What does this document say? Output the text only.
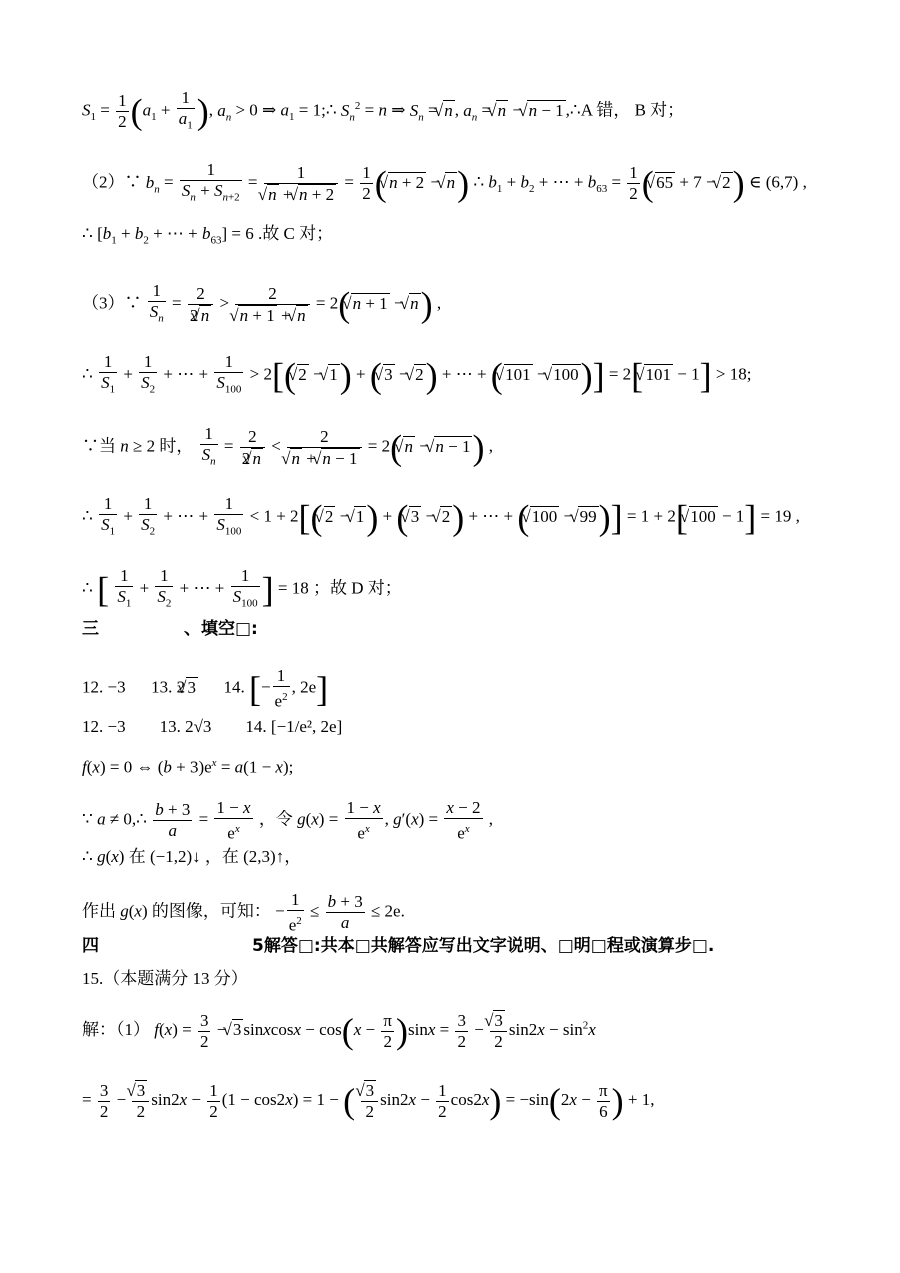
$S_1 = \frac{1}{2} (a_1 + \frac{1}{a_1}$ ), $a_n > 0$ ⇒ $a_1$ = 1;∴ $S_n^2 = n$ ⇒ $S_n$ = √ n , $a_n$ = √ n − √ n − 1 ,∴A 错， B 对；
（2）∵ $b_n = \frac{1}{S_n + S_{n+2}} = 1$
√ n + √ $n + 2 = \frac{1}{2}$ (√ n + 2 − √ n) ∴ $b_1 + b_2$ + ⋯ + $b_{63} = \frac{1}{2}$ (√ 65 + 7 − √ 2) ∈ (6,7) ,
∴ [$b_1 + b_2$ + ⋯ + $b_{63}] = 6$ .故 C 对；
（3）∵ $\frac{1}{S_n} = \frac{2}{2√ n} > 2$
√ n + 1 + √ n = 2(√ n + 1 − √ n) ,
∴ $\frac{1}{S_1} + \frac{1}{S_2}$ + ⋯ + $\frac{1}{S_{100}} > 2[(√$ 2 − √ 1) + (√ 3 − √ 2) + ⋯ + (√ 101 − √ 100)] = 2[√ 101 − 1] > 18;
∵当 n ≥ 2 时， $\frac{1}{S_n} = \frac{2}{2√ n} < 2$
√ n + √ n − 1 = 2(√ n − √ n − 1) ,
∴ $\frac{1}{S_1} + \frac{1}{S_2}$ + ⋯ + $\frac{1}{S_{100}} < 1 + 2[(√$ 2 − √ 1) + (√ 3 − √ 2) + ⋯ + (√ 100 − √ 99)] = 1 + 2[√ 100 − 1] = 19 ,
∴ [ $\frac{1}{S_1} + \frac{1}{S_2}$ + ⋯ + $\frac{1}{S_{100}}$ ] = 18 ；故 D 对；
三　　　　　、填空□:
12. −3      13. 2√ 3      14. [− $\frac{1}{e^2}$ , 2e]
12. −3　　13. 2√3　　14. [−1/e², 2e]
f(x) = 0 ⇔ $(b + 3)e^x = a(1 - x)$;
∵ a ≠ 0,∴ $\frac{b + 3}{a} = \frac{1 - x}{e^x}$ ，令 $g(x) = \frac{1 - x}{e^x}$ , $g'(x) = \frac{x - 2}{e^x}$ ,
∴ g(x) 在 (−1,2)↓ ，在 (2,3)↑，
作出 g(x) 的图像，可知： − $\frac{1}{e^2} \le \frac{b + 3}{a} \le 2e$.
四　　　　　　　　　5解答□:共本□共解答应写出文字说明、□明□程或演算步□.
15.（本题满分 13 分）
解：（1） $f(x) = \frac{3}{2}$ − √ 3 sinxcosx − $\cos(x - \frac{\pi}{2} )\sin x = \frac{3}{2}$ −
√ $\frac{3}{2} \sin 2x - \sin^2x$
= $\frac{3}{2}$ −
√ $\frac{3}{2} \sin 2x - \frac{1}{2} (1 - \cos 2x) = 1$ − (
√ $\frac{3}{2} \sin 2x - \frac{1}{2} \cos 2x) = -\sin(2x - \frac{\pi}{6}$ ) + 1,
